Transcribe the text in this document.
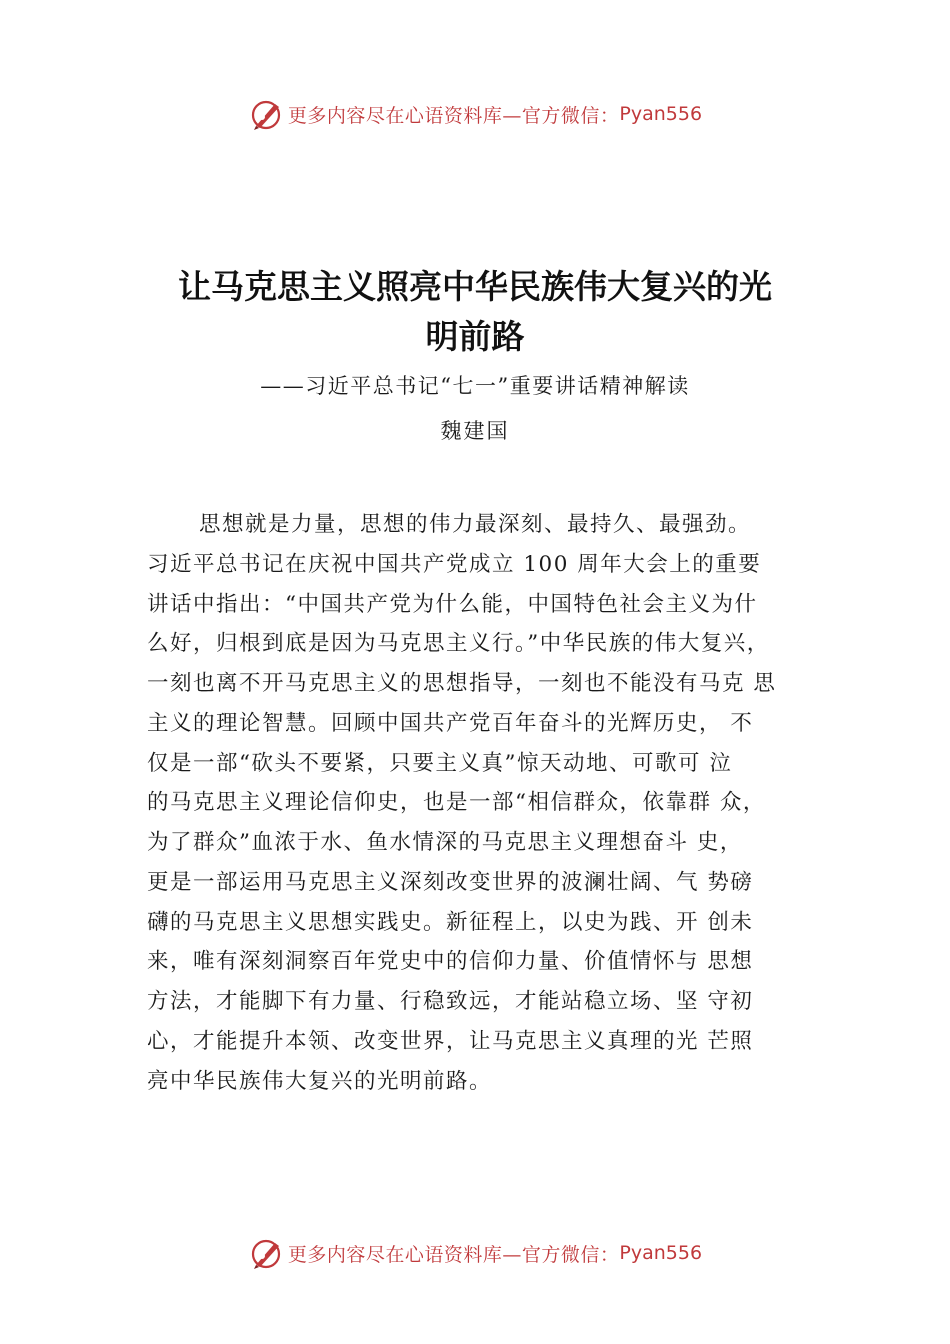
更多内容尽在心语资料库—官方微信： Pyan556
让马克思主义照亮中华民族伟大复兴的光
明前路
——习近平总书记“七一”重要讲话精神解读
魏建国
思想就是力量，思想的伟力最深刻、最持久、最强劲。
习近平总书记在庆祝中国共产党成立 100 周年大会上的重要
讲话中指出：“中国共产党为什么能，中国特色社会主义为什
么好，归根到底是因为马克思主义行。”中华民族的伟大复兴，
一刻也离不开马克思主义的思想指导，一刻也不能没有马克 思
主义的理论智慧。回顾中国共产党百年奋斗的光辉历史， 不
仅是一部“砍头不要紧，只要主义真”惊天动地、可歌可 泣
的马克思主义理论信仰史，也是一部“相信群众，依靠群 众，
为了群众”血浓于水、鱼水情深的马克思主义理想奋斗 史，
更是一部运用马克思主义深刻改变世界的波澜壮阔、气 势磅
礴的马克思主义思想实践史。新征程上，以史为践、开 创未
来，唯有深刻洞察百年党史中的信仰力量、价值情怀与 思想
方法，才能脚下有力量、行稳致远，才能站稳立场、坚 守初
心，才能提升本领、改变世界，让马克思主义真理的光 芒照
亮中华民族伟大复兴的光明前路。
更多内容尽在心语资料库—官方微信： Pyan556
